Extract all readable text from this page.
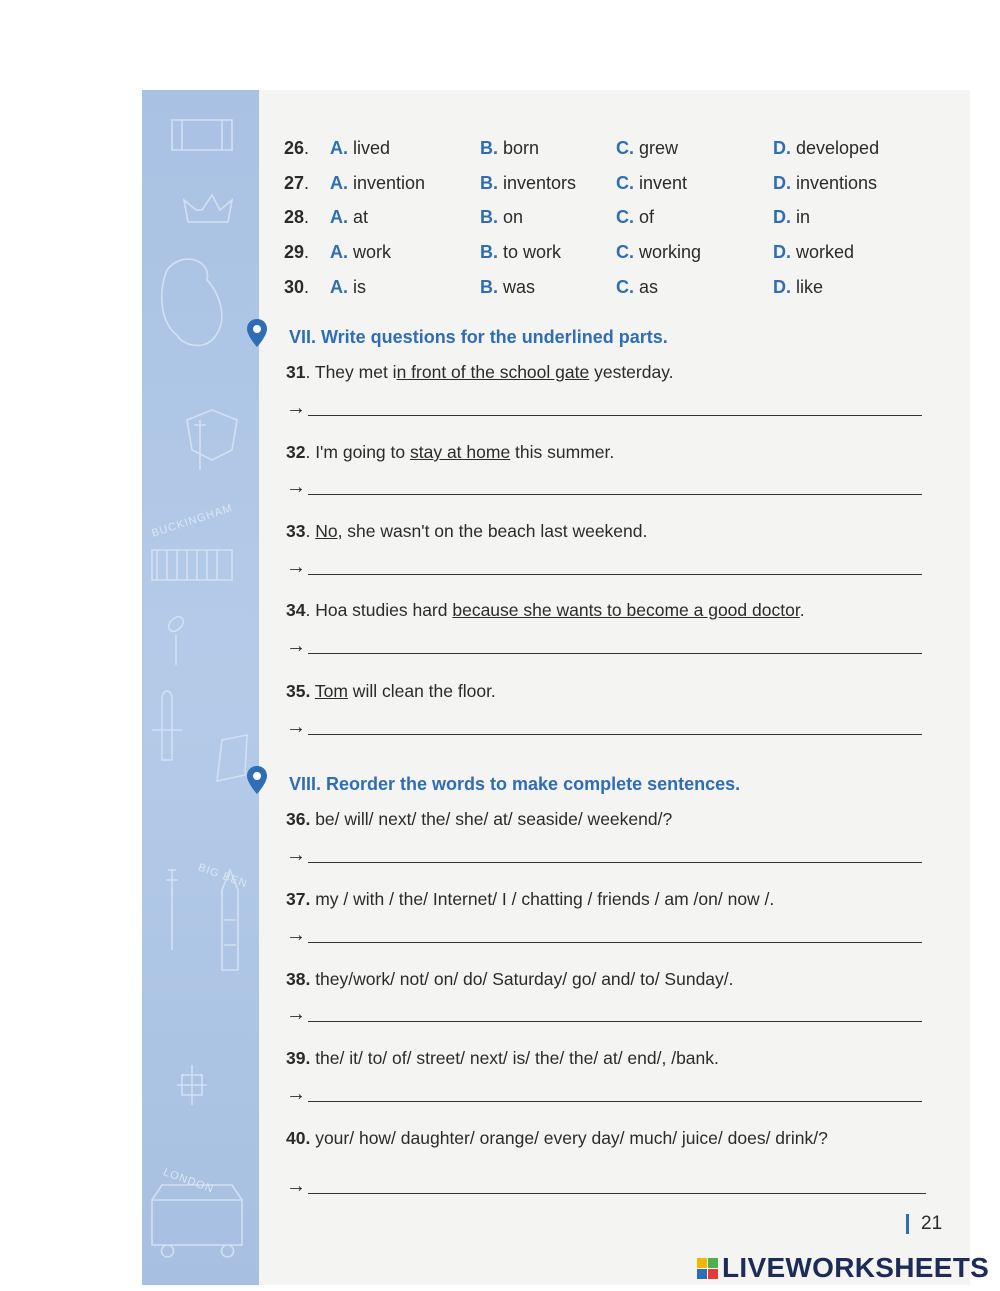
BUCKINGHAM
BIG BEN
LONDON
26. A. lived	B. born	C. grew	D. developed
27. A. invention	B. inventors C. invent	D. inventions
28. A. at	B. on	C. of	D. in
29. A. work	B. to work	C. working	D. worked
30. A. is	B. was	C. as	D. like
VII. Write questions for the underlined parts.
31. They met in front of the school gate yesterday.
→
32. I'm going to stay at home this summer.
→
33. No, she wasn't on the beach last weekend.
→
34. Hoa studies hard because she wants to become a good doctor.
→
35. Tom will clean the floor.
→
VIII. Reorder the words to make complete sentences.
36. be/ will/ next/ the/ she/ at/ seaside/ weekend/?
→
37. my / with / the/ Internet/ I / chatting / friends / am /on/ now /.
→
38. they/work/ not/ on/ do/ Saturday/ go/ and/ to/ Sunday/.
→
39. the/ it/ to/ of/ street/ next/ is/ the/ the/ at/ end/, /bank.
→
40. your/ how/ daughter/ orange/ every day/ much/ juice/ does/ drink/?
→
21
LIVEWORKSHEETS
